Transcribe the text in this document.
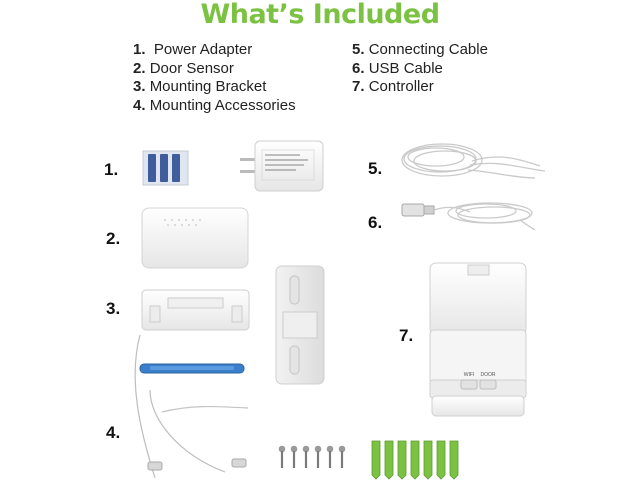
What’s Included
1. Power Adapter
2. Door Sensor
3. Mounting Bracket
4. Mounting Accessories
5. Connecting Cable
6. USB Cable
7. Controller
1.
2.
3.
4.
5.
6.
7.
WIFI DOOR
